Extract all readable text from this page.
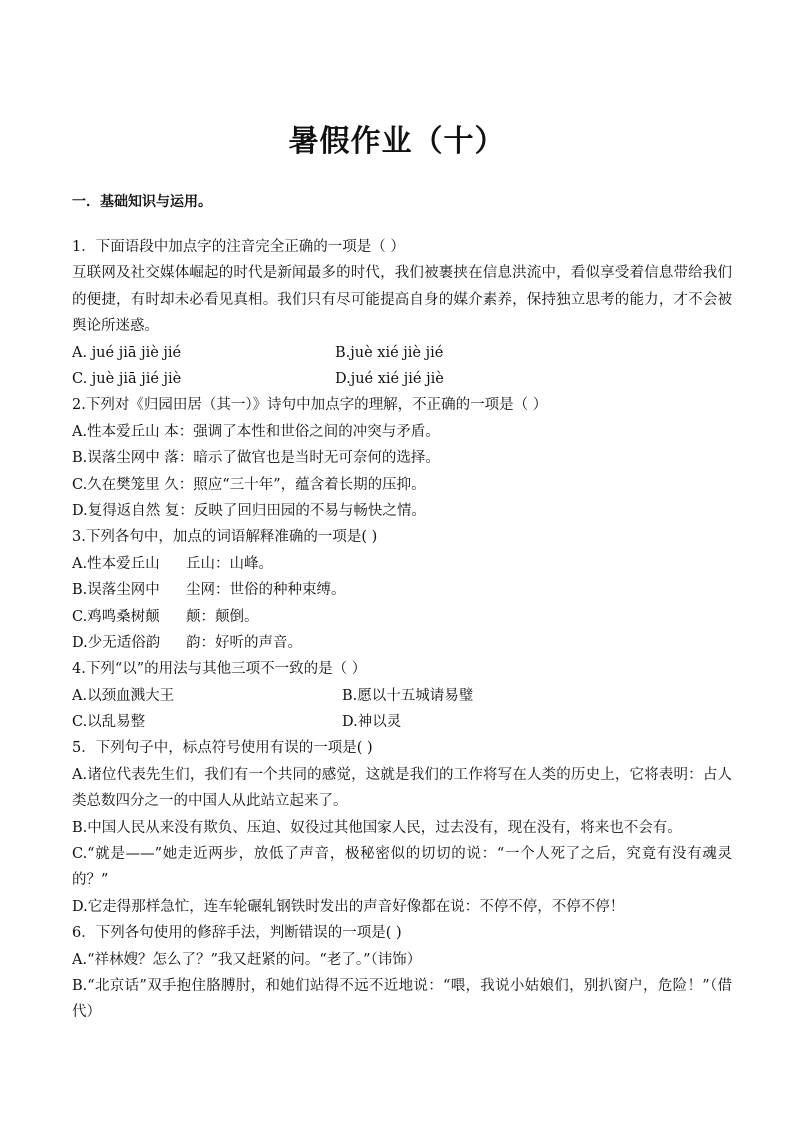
暑假作业（十）
一．基础知识与运用。
1．下面语段中加点字的注音完全正确的一项是（ ）
互联网及社交媒体崛起的时代是新闻最多的时代，我们被裹挟在信息洪流中，看似享受着信息带给我们的便捷，有时却未必看见真相。我们只有尽可能提高自身的媒介素养，保持独立思考的能力，才不会被舆论所迷惑。
A. jué jiā jiè jié	B.juè xié jiè jié
C. juè jiā jié jiè	D.jué xié jié jiè
2.下列对《归园田居（其一）》诗句中加点字的理解，不正确的一项是（ ）
A.性本爱丘山 本：强调了本性和世俗之间的冲突与矛盾。
B.误落尘网中 落：暗示了做官也是当时无可奈何的选择。
C.久在樊笼里 久：照应“三十年”，蕴含着长期的压抑。
D.复得返自然 复：反映了回归田园的不易与畅快之情。
3.下列各句中，加点的词语解释准确的一项是( )
A.性本爱丘山 丘山：山峰。
B.误落尘网中 尘网：世俗的种种束缚。
C.鸡鸣桑树颠 颠：颠倒。
D.少无适俗韵 韵：好听的声音。
4.下列“以”的用法与其他三项不一致的是（ ）
A.以颈血溅大王	B.愿以十五城请易璧
C.以乱易整	D.神以灵
5．下列句子中，标点符号使用有误的一项是( )
A.诸位代表先生们，我们有一个共同的感觉，这就是我们的工作将写在人类的历史上，它将表明：占人类总数四分之一的中国人从此站立起来了。
B.中国人民从来没有欺负、压迫、奴役过其他国家人民，过去没有，现在没有，将来也不会有。
C.“就是——”她走近两步，放低了声音，极秘密似的切切的说：“一个人死了之后，究竟有没有魂灵的？”
D.它走得那样急忙，连车轮碾轧钢铁时发出的声音好像都在说：不停不停，不停不停！
6．下列各句使用的修辞手法，判断错误的一项是( )
A.“祥林嫂？怎么了？”我又赶紧的问。“老了。”（讳饰）
B.“北京话”双手抱住胳膊肘，和她们站得不远不近地说：“喂，我说小姑娘们，别扒窗户，危险！”（借代）
